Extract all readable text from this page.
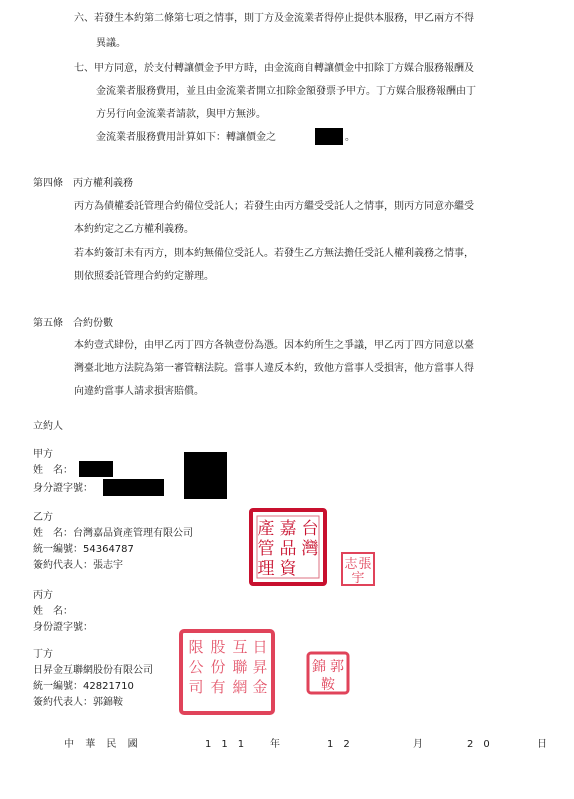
六、若發生本約第二條第七項之情事，則丁方及金流業者得停止提供本服務，甲乙兩方不得
異議。
七、甲方同意，於支付轉讓價金予甲方時，由金流商自轉讓價金中扣除丁方媒合服務報酬及
金流業者服務費用，並且由金流業者開立扣除金額發票予甲方。丁方媒合服務報酬由丁
方另行向金流業者請款，與甲方無涉。
金流業者服務費用計算如下：轉讓價金之	。
第四條　丙方權利義務
丙方為債權委託管理合約備位受託人；若發生由丙方繼受受託人之情事，則丙方同意亦繼受
本約約定之乙方權利義務。
若本約簽訂未有丙方，則本約無備位受託人。若發生乙方無法擔任受託人權利義務之情事，
則依照委託管理合約約定辦理。
第五條　合約份數
本約壹式肆份，由甲乙丙丁四方各執壹份為憑。因本約所生之爭議，甲乙丙丁四方同意以臺
灣臺北地方法院為第一審管轄法院。當事人違反本約，致他方當事人受損害，他方當事人得
向違約當事人請求損害賠償。
立約人
甲方
姓　名：
身分證字號：
乙方
姓　名：台灣嘉品資產管理有限公司
統一編號：54364787
簽約代表人：張志宇
台
灣
嘉
品
資
產
管
理	張
志
宇
丙方
姓　名：
身份證字號：
丁方
日昇金互聯網股份有限公司
統一編號：42821710
簽約代表人：郭錦鞍
日
昇
金
互
聯
網
股
份
有
限
公
司
郭
錦
鞍
中　華　民　國	111 年	12	月	20	日
